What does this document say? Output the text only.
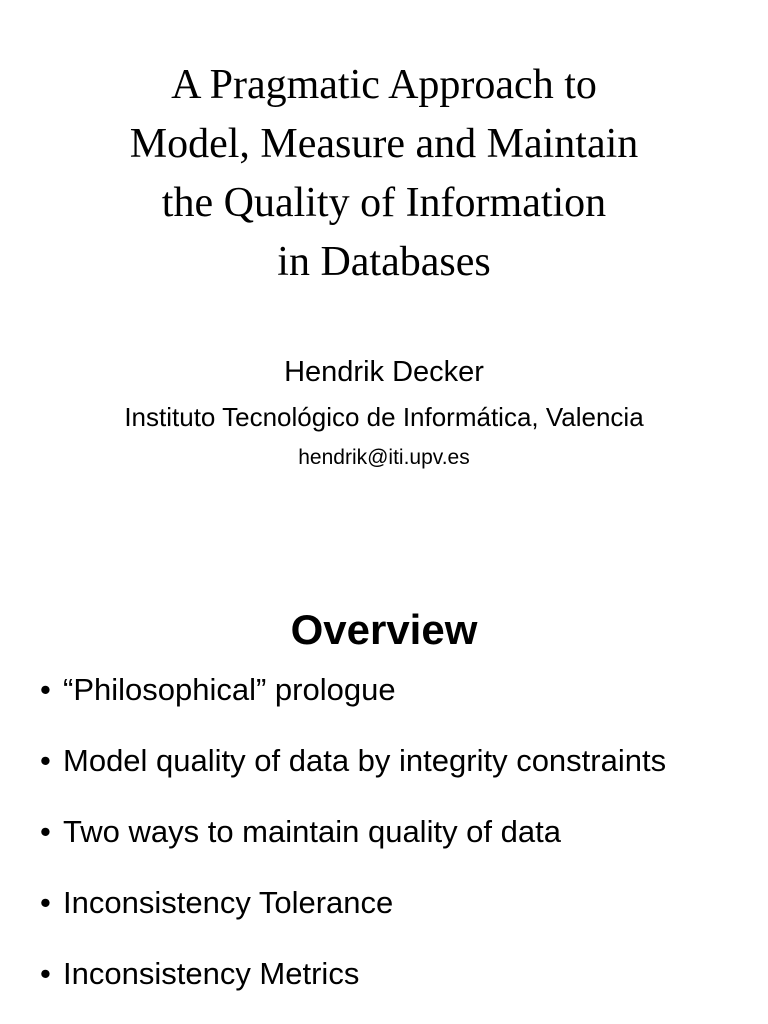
A Pragmatic Approach to
Model, Measure and Maintain
the Quality of Information
in Databases
Hendrik Decker
Instituto Tecnológico de Informática, Valencia
hendrik@iti.upv.es
Overview
• “Philosophical” prologue
• Model quality of data by integrity constraints
• Two ways to maintain quality of data
• Inconsistency Tolerance
• Inconsistency Metrics
